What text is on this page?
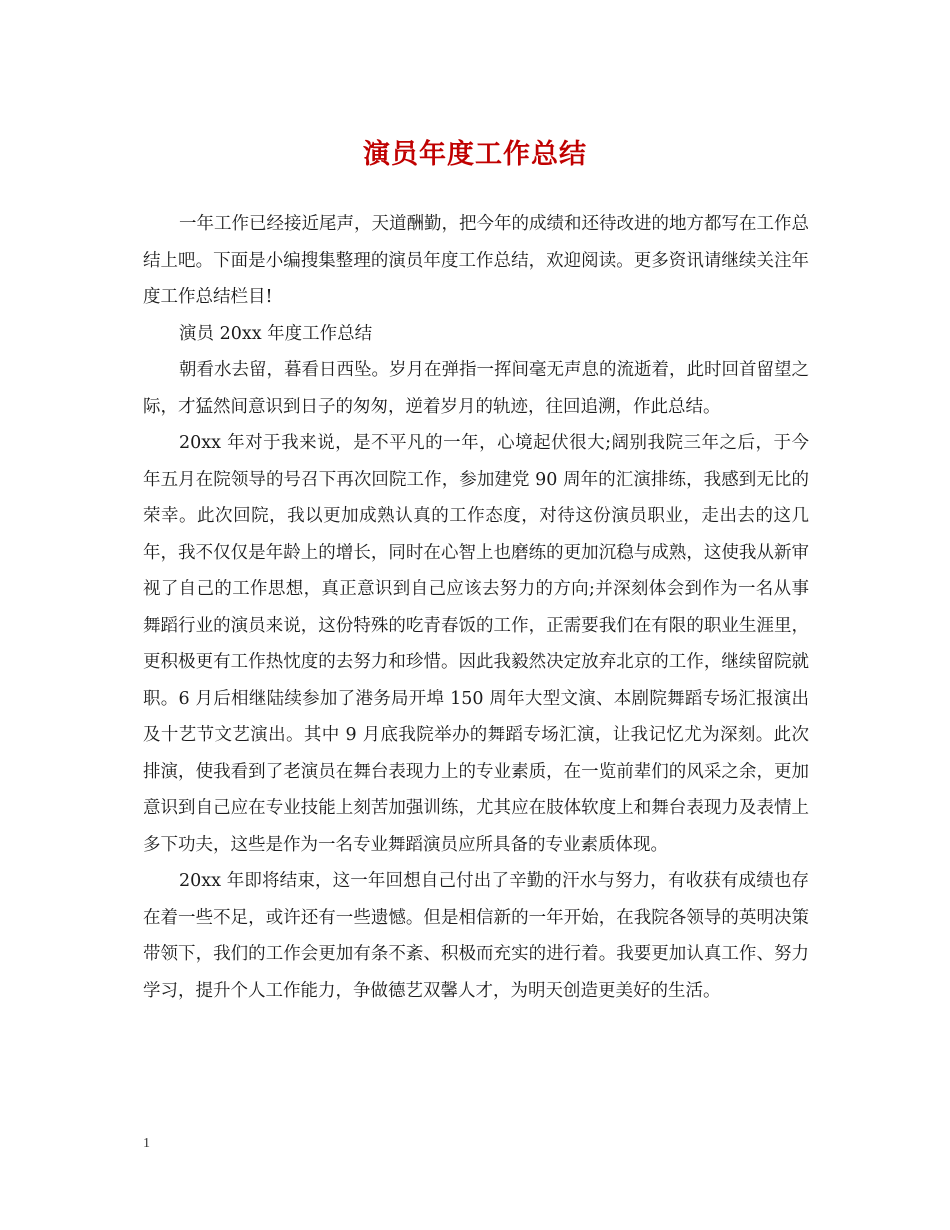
演员年度工作总结

一年工作已经接近尾声，天道酬勤，把今年的成绩和还待改进的地方都写在工作总结上吧。下面是小编搜集整理的演员年度工作总结，欢迎阅读。更多资讯请继续关注年度工作总结栏目!

演员 20xx 年度工作总结

朝看水去留，暮看日西坠。岁月在弹指一挥间毫无声息的流逝着，此时回首留望之际，才猛然间意识到日子的匆匆，逆着岁月的轨迹，往回追溯，作此总结。

20xx 年对于我来说，是不平凡的一年，心境起伏很大;阔别我院三年之后，于今年五月在院领导的号召下再次回院工作，参加建党 90 周年的汇演排练，我感到无比的荣幸。此次回院，我以更加成熟认真的工作态度，对待这份演员职业，走出去的这几年，我不仅仅是年龄上的增长，同时在心智上也磨练的更加沉稳与成熟，这使我从新审视了自己的工作思想，真正意识到自己应该去努力的方向;并深刻体会到作为一名从事舞蹈行业的演员来说，这份特殊的吃青春饭的工作，正需要我们在有限的职业生涯里，更积极更有工作热忱度的去努力和珍惜。因此我毅然决定放弃北京的工作，继续留院就职。6 月后相继陆续参加了港务局开埠 150 周年大型文演、本剧院舞蹈专场汇报演出及十艺节文艺演出。其中 9 月底我院举办的舞蹈专场汇演，让我记忆尤为深刻。此次排演，使我看到了老演员在舞台表现力上的专业素质，在一览前辈们的风采之余，更加意识到自己应在专业技能上刻苦加强训练，尤其应在肢体软度上和舞台表现力及表情上多下功夫，这些是作为一名专业舞蹈演员应所具备的专业素质体现。

20xx 年即将结束，这一年回想自己付出了辛勤的汗水与努力，有收获有成绩也存在着一些不足，或许还有一些遗憾。但是相信新的一年开始，在我院各领导的英明决策带领下，我们的工作会更加有条不紊、积极而充实的进行着。我要更加认真工作、努力学习，提升个人工作能力，争做德艺双馨人才，为明天创造更美好的生活。

1
